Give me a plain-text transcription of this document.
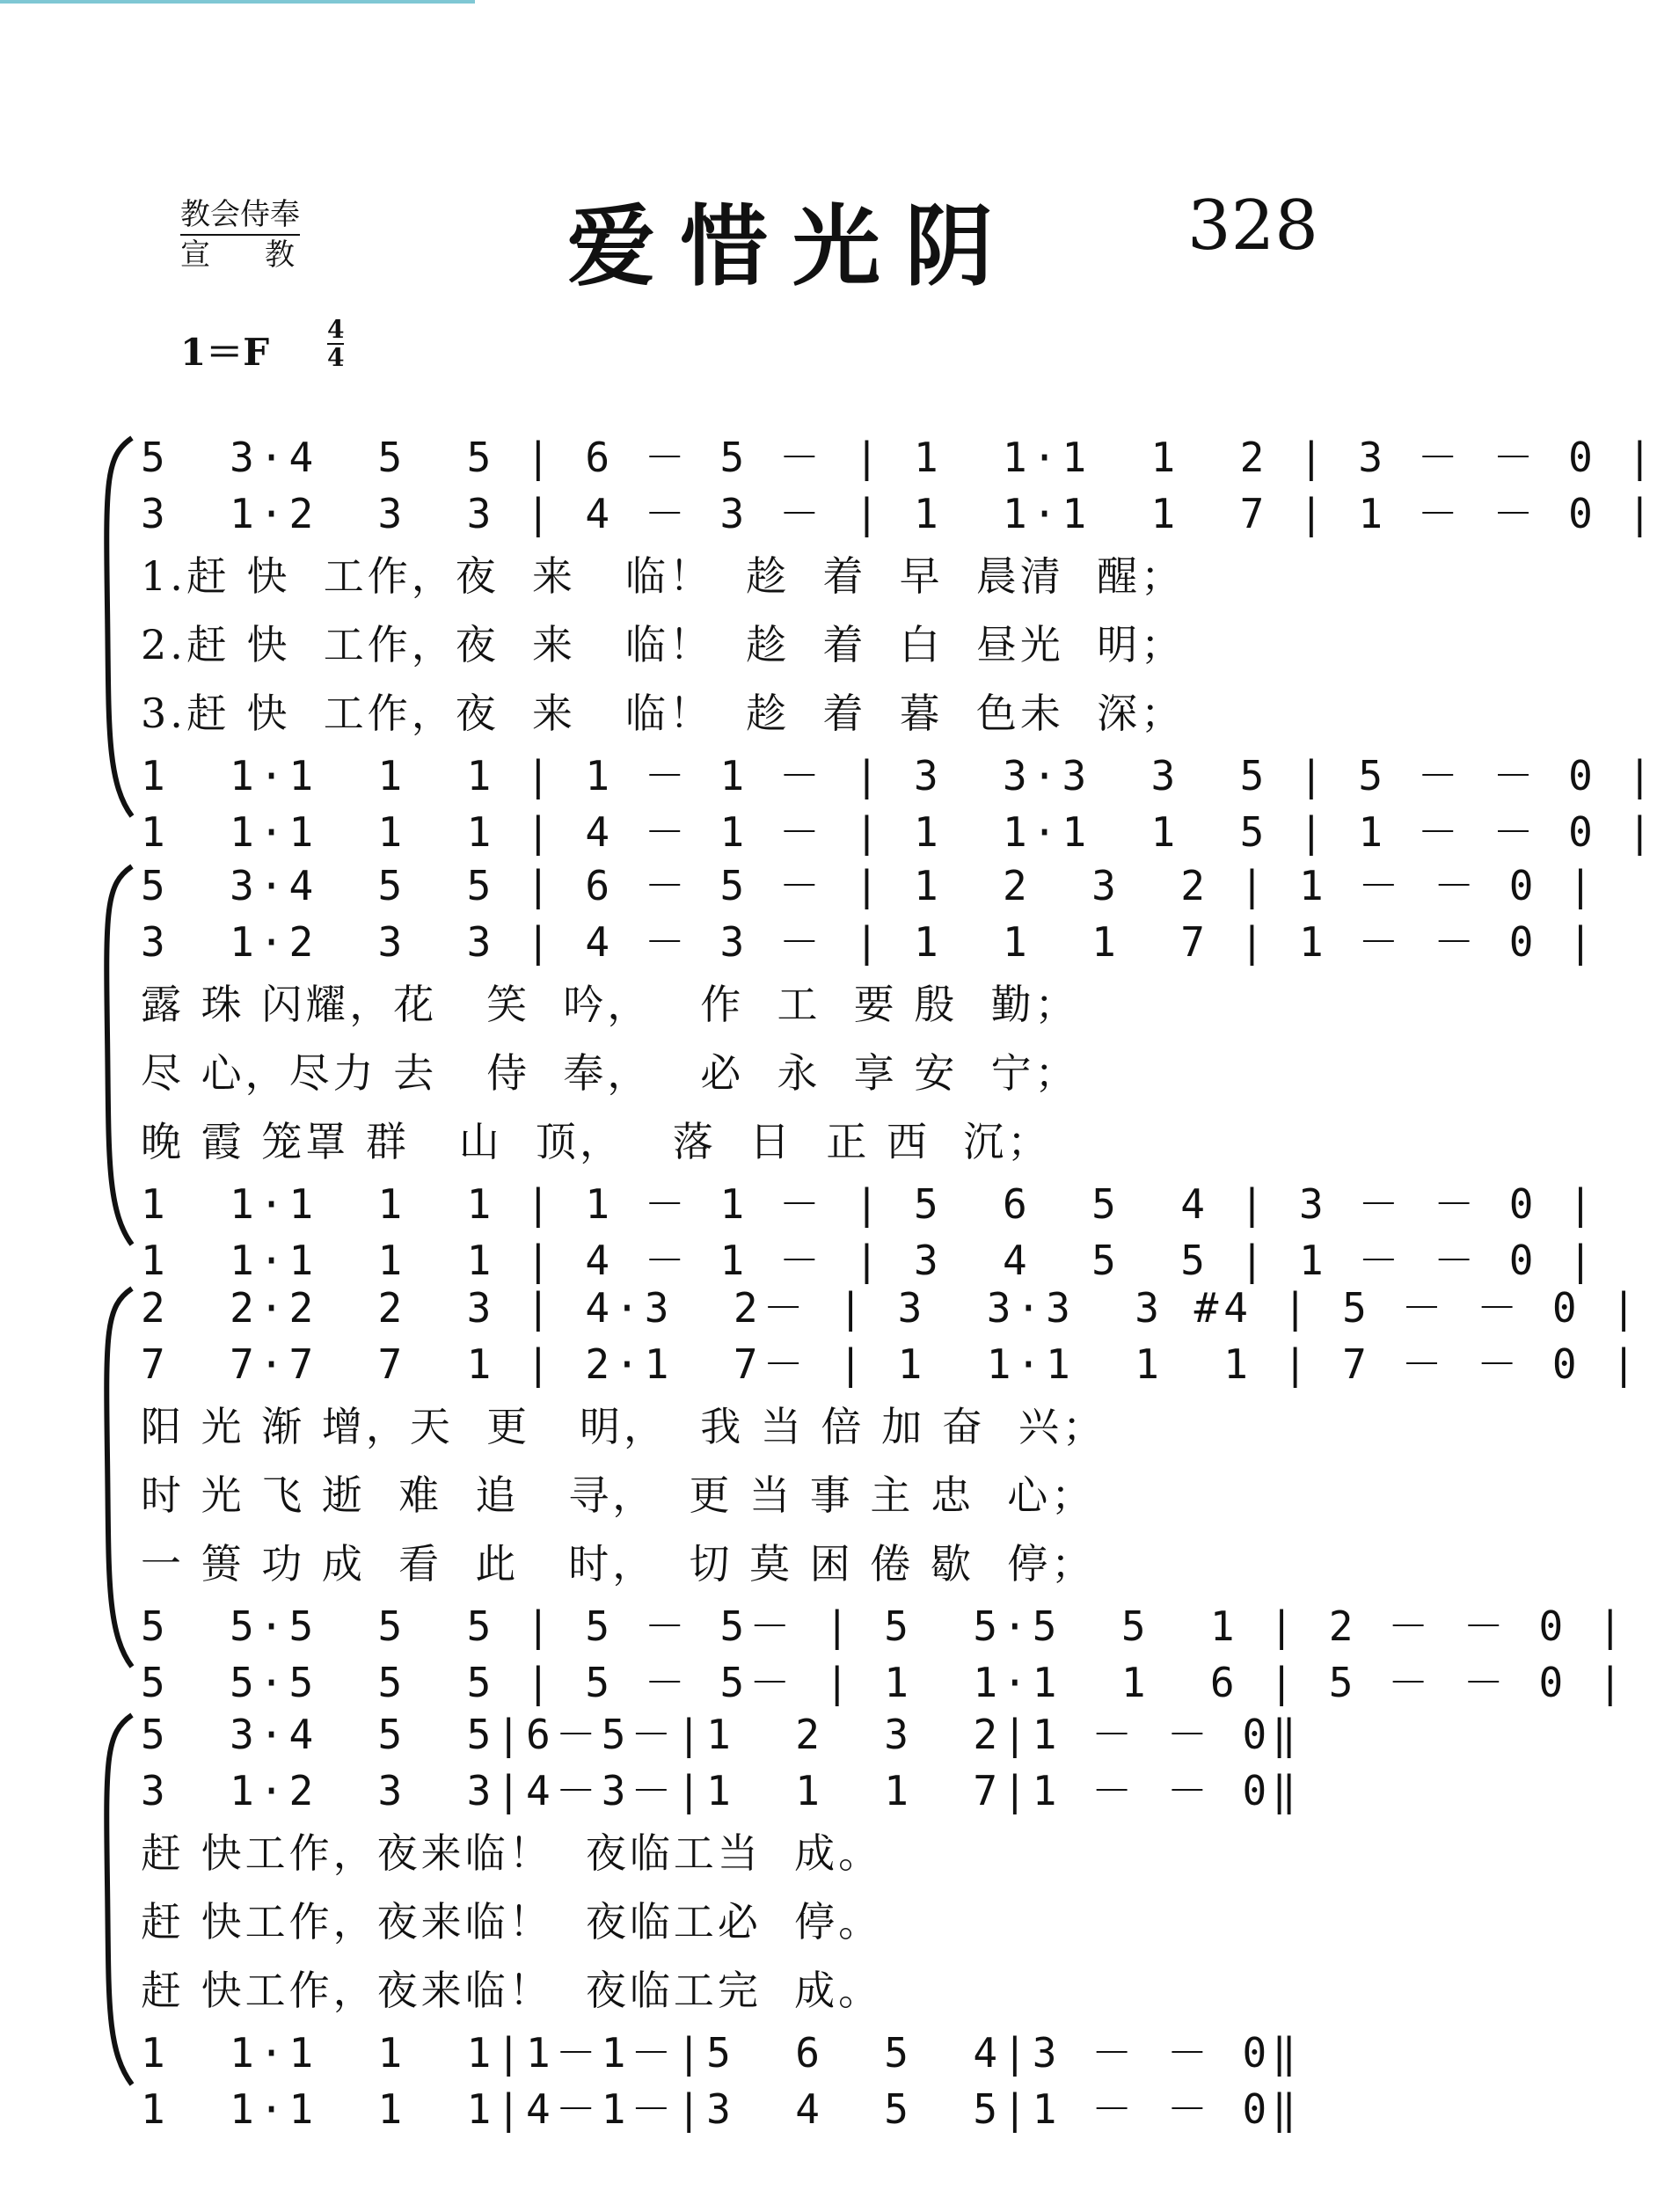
教会侍奉

宣教 爱惜光阴 328
1＝F
4
4
5  3·4  5  5 | 6 － 5 － | 1  1·1  1  2 | 3 － － 0 |
3  1·2  3  3 | 4 － 3 － | 1  1·1  1  7 | 1 － － 0 |
1.赶 快  工作，夜  来   临！  趁  着  早  晨清  醒；
2.赶 快  工作，夜  来   临！  趁  着  白  昼光  明；
3.赶 快  工作，夜  来   临！  趁  着  暮  色未  深；
1  1·1  1  1 | 1 － 1 － | 3  3·3  3  5 | 5 － － 0 |
1  1·1  1  1 | 4 － 1 － | 1  1·1  1  5 | 1 － － 0 |
5  3·4  5  5 | 6 － 5 － | 1  2  3  2 | 1 － － 0 |
3  1·2  3  3 | 4 － 3 － | 1  1  1  7 | 1 － － 0 |
露 珠 闪耀，花   笑  吟，   作  工  要 殷  勤；
尽 心，尽力 去   侍  奉，   必  永  享 安  宁；
晚 霞 笼罩 群   山  顶，   落  日  正 西  沉；
1  1·1  1  1 | 1 － 1 － | 5  6  5  4 | 3 － － 0 |
1  1·1  1  1 | 4 － 1 － | 3  4  5  5 | 1 － － 0 |
2  2·2  2  3 | 4·3  2－ | 3  3·3  3 #4 | 5 － － 0 |
7  7·7  7  1 | 2·1  7－ | 1  1·1  1  1 | 7 － － 0 |
阳 光 渐 增，天  更   明，  我 当 倍 加 奋  兴；
时 光 飞 逝  难  追   寻，  更 当 事 主 忠  心；
一 篑 功 成  看  此   时，  切 莫 困 倦 歇  停；
5  5·5  5  5 | 5 － 5－ | 5  5·5  5  1 | 2 － － 0 |
5  5·5  5  5 | 5 － 5－ | 1  1·1  1  6 | 5 － － 0 |
5  3·4  5  5|6－5－|1  2  3  2|1 － － 0‖
3  1·2  3  3|4－3－|1  1  1  7|1 － － 0‖
赶 快工作，夜来临！  夜临工当  成。
赶 快工作，夜来临！  夜临工必  停。
赶 快工作，夜来临！  夜临工完  成。
1  1·1  1  1|1－1－|5  6  5  4|3 － － 0‖
1  1·1  1  1|4－1－|3  4  5  5|1 － － 0‖
